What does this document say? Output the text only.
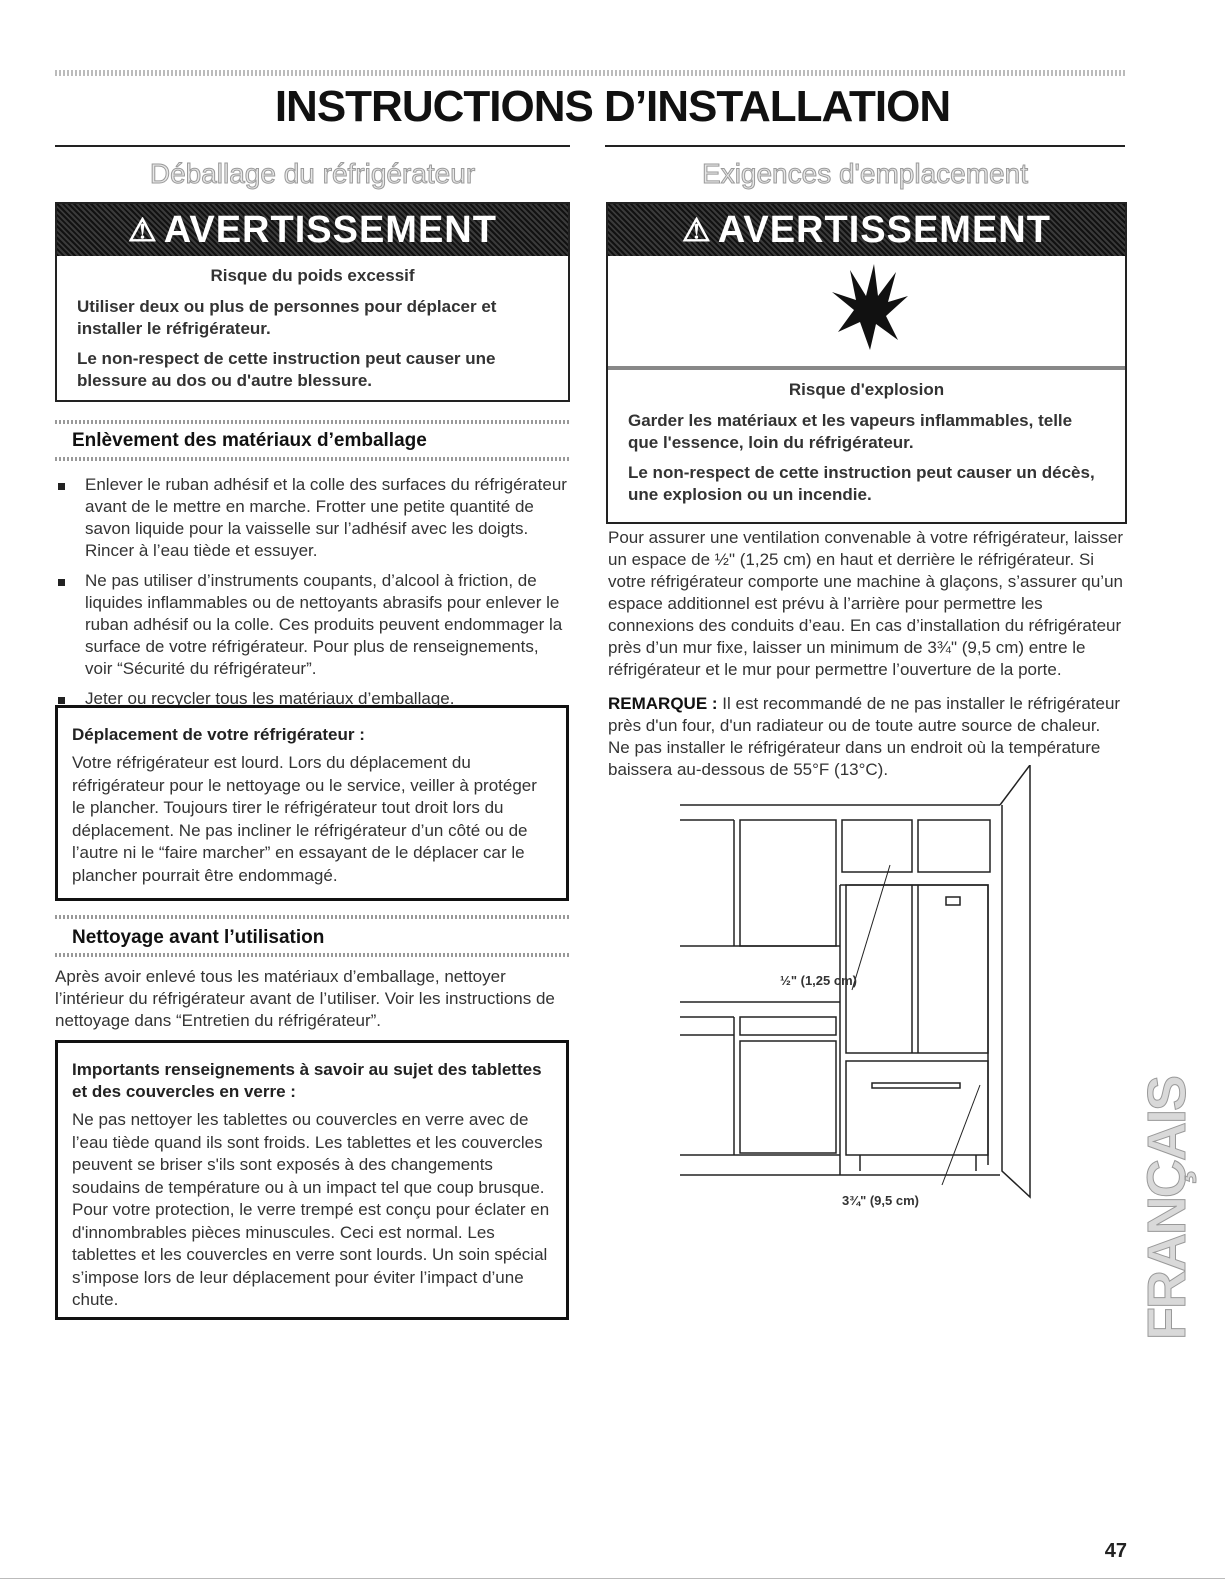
INSTRUCTIONS D’INSTALLATION
Déballage du réfrigérateur
⚠ AVERTISSEMENT
Risque du poids excessif
Utiliser deux ou plus de personnes pour déplacer et installer le réfrigérateur.
Le non-respect de cette instruction peut causer une blessure au dos ou d'autre blessure.
Enlèvement des matériaux d’emballage
Enlever le ruban adhésif et la colle des surfaces du réfrigérateur avant de le mettre en marche. Frotter une petite quantité de savon liquide pour la vaisselle sur l’adhésif avec les doigts. Rincer à l’eau tiède et essuyer.
Ne pas utiliser d’instruments coupants, d’alcool à friction, de liquides inflammables ou de nettoyants abrasifs pour enlever le ruban adhésif ou la colle. Ces produits peuvent endommager la surface de votre réfrigérateur. Pour plus de renseignements, voir “Sécurité du réfrigérateur”.
Jeter ou recycler tous les matériaux d’emballage.
Déplacement de votre réfrigérateur :
Votre réfrigérateur est lourd. Lors du déplacement du réfrigérateur pour le nettoyage ou le service, veiller à protéger le plancher. Toujours tirer le réfrigérateur tout droit lors du déplacement. Ne pas incliner le réfrigérateur d’un côté ou de l’autre ni le “faire marcher” en essayant de le déplacer car le plancher pourrait être endommagé.
Nettoyage avant l’utilisation
Après avoir enlevé tous les matériaux d’emballage, nettoyer l’intérieur du réfrigérateur avant de l’utiliser. Voir les instructions de nettoyage dans “Entretien du réfrigérateur”.
Importants renseignements à savoir au sujet des tablettes et des couvercles en verre :
Ne pas nettoyer les tablettes ou couvercles en verre avec de l’eau tiède quand ils sont froids. Les tablettes et les couvercles peuvent se briser s'ils sont exposés à des changements soudains de température ou à un impact tel que coup brusque. Pour votre protection, le verre trempé est conçu pour éclater en d'innombrables pièces minuscules. Ceci est normal. Les tablettes et les couvercles en verre sont lourds. Un soin spécial s’impose lors de leur déplacement pour éviter l’impact d’une chute.
Exigences d'emplacement
⚠ AVERTISSEMENT
Risque d'explosion
Garder les matériaux et les vapeurs inflammables, telle que l'essence, loin du réfrigérateur.
Le non-respect de cette instruction peut causer un décès, une explosion ou un incendie.
Pour assurer une ventilation convenable à votre réfrigérateur, laisser un espace de ½" (1,25 cm) en haut et derrière le réfrigérateur. Si votre réfrigérateur comporte une machine à glaçons, s’assurer qu’un espace additionnel est prévu à l’arrière pour permettre les connexions des conduits d’eau. En cas d’installation du réfrigérateur près d’un mur fixe, laisser un minimum de 3¾" (9,5 cm) entre le réfrigérateur et le mur pour permettre l’ouverture de la porte.
REMARQUE : Il est recommandé de ne pas installer le réfrigérateur près d'un four, d'un radiateur ou de toute autre source de chaleur. Ne pas installer le réfrigérateur dans un endroit où la température baissera au-dessous de 55°F (13°C).
½" (1,25 cm)
3¾" (9,5 cm)	FRANÇAIS
47
